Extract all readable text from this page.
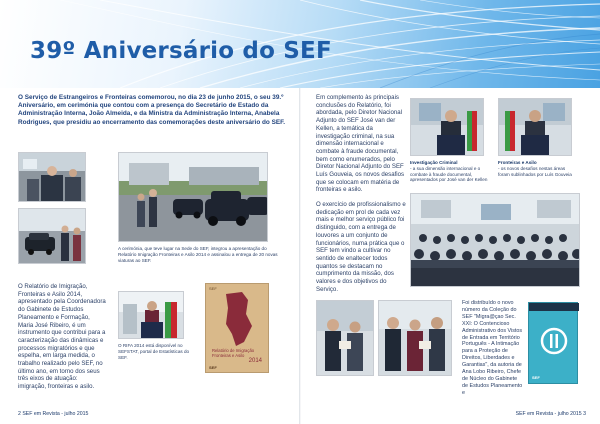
39º Aniversário do SEF
O Serviço de Estrangeiros e Fronteiras comemorou, no dia 23 de junho 2015, o seu 39.º Aniversário, em cerimónia que contou com a presença do Secretário de Estado da Administração Interna, João Almeida, e da Ministra da Administração Interna, Anabela Rodrigues, que presidiu ao encerramento das comemorações deste aniversário do SEF.
A cerimónia, que teve lugar na Sede do SEF, integrou a apresentação do Relatório Imigração Fronteiras e Asilo 2014 e assinalou a entrega de 20 novas viaturas ao SEF.
O Relatório de Imigração, Fronteiras e Asilo 2014, apresentado pela Coordenadora do Gabinete de Estudos Planeamento e Formação, Maria José Ribeiro, é um instrumento que contribui para a caracterização das dinâmicas e processos migratórios e que espelha, em larga medida, o trabalho realizado pelo SEF, no último ano, em torno dos seus três eixos de atuação: imigração, fronteiras e asilo.
O RIFA 2014 está disponível no SEFSTAT, portal de Estatísticas do SEF.
SEF
Relatório de Imigração
Fronteiras e Asilo
2014
SEF
2 SEF em Revista - julho 2015
Em complemento às principais conclusões do Relatório, foi abordada, pelo Diretor Nacional Adjunto do SEF José van der Kellen, a temática da investigação criminal, na sua dimensão internacional e combate à fraude documental, bem como enumerados, pelo Diretor Nacional Adjunto do SEF Luís Gouveia, os novos desafios que se colocam em matéria de fronteiras e asilo.
Investigação Criminal
- a sua dimensão internacional e o combate à fraude documental, apresentados por José van der Kellen
Fronteiras e Asilo
- os novos desafios nestas áreas foram sublinhados por Luís Gouveia
O exercício de profissionalismo e dedicação em prol de cada vez mais e melhor serviço público foi distinguido, com a entrega de louvores a um conjunto de funcionários, numa prática que o SEF tem vindo a cultivar no sentido de enaltecer todos quantos se destacam no cumprimento da missão, dos valores e dos objetivos do Serviço.
Foi distribuído o novo número da Coleção do SEF "Migra@çao Sec. XXI: O Contencioso Administrativo dos Vistos de Entrada em Território Português - A Intimação para a Proteção de Direitos, Liberdades e Garantias", da autoria de Ana Lobo Ribeiro, Chefe de Núcleo do Gabinete de Estudos Planeamento e
SEF
SEF em Revista - julho 2015 3
